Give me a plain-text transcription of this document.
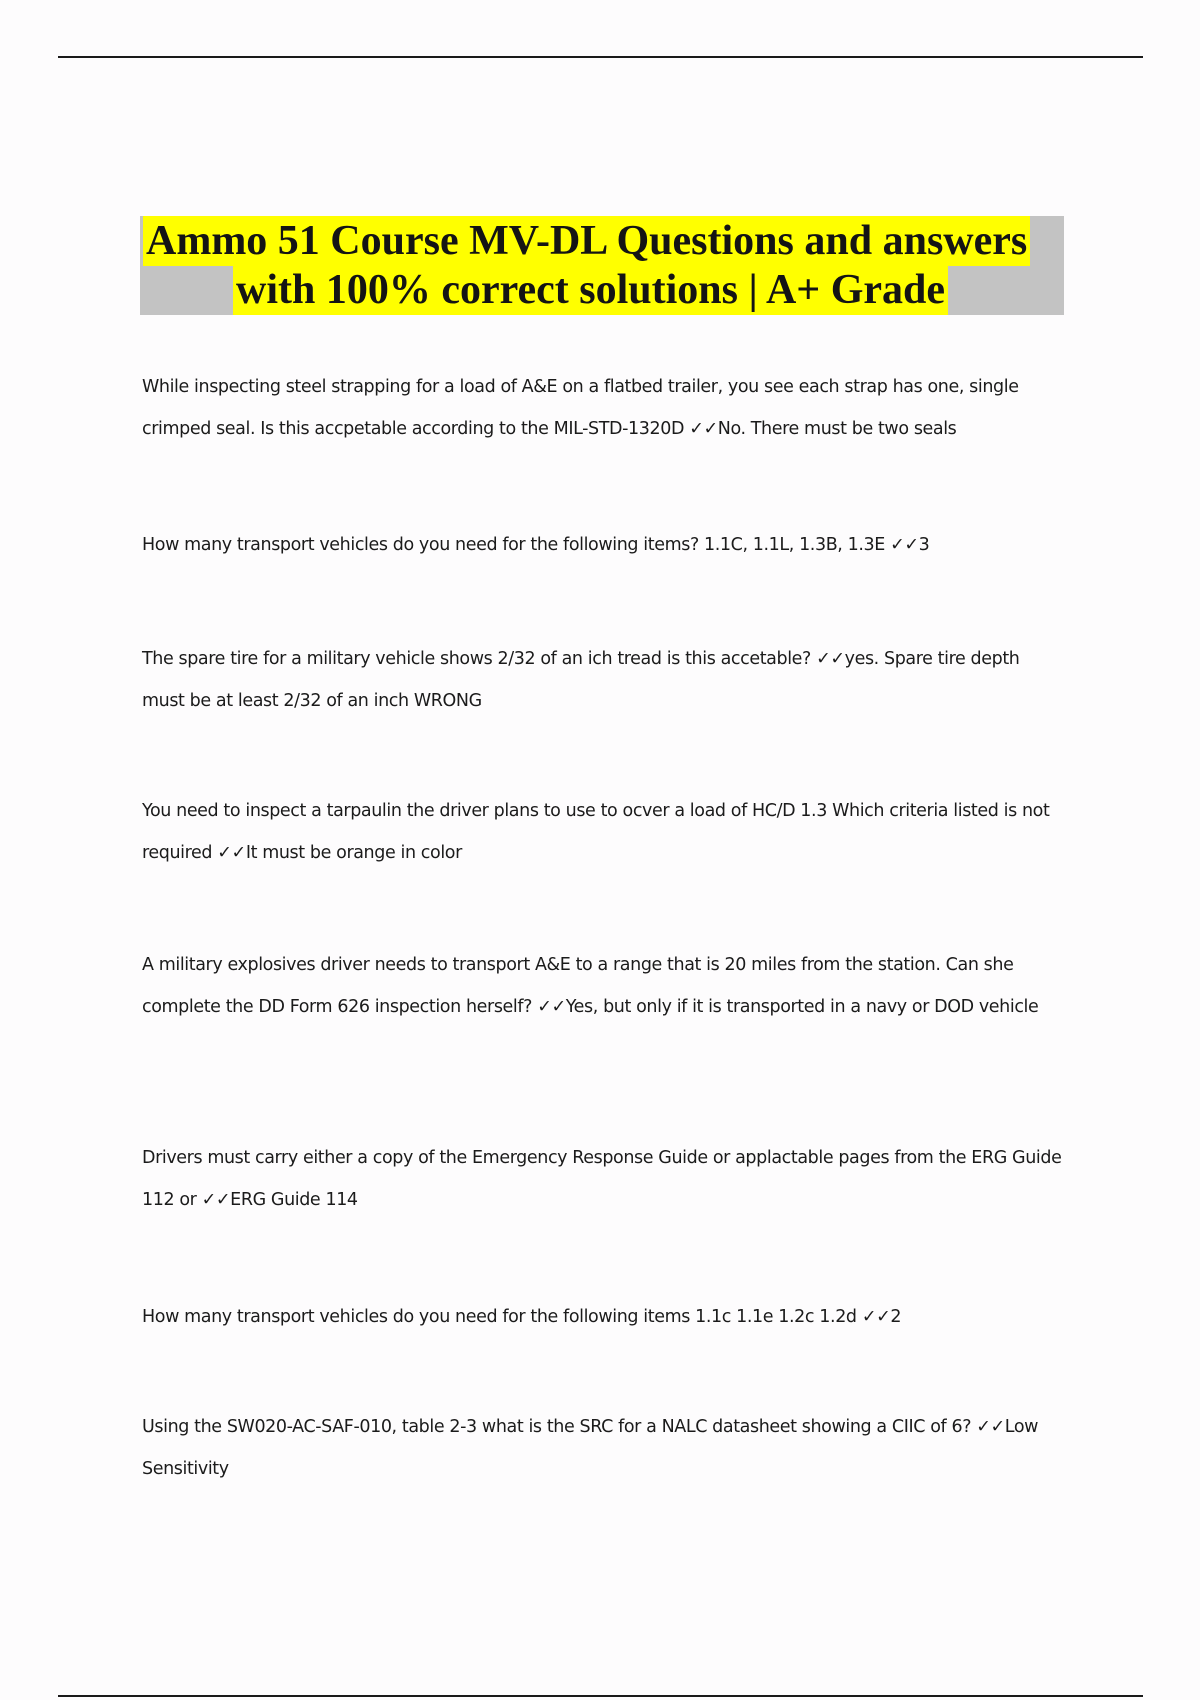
Ammo 51 Course MV-DL Questions and answers
with 100% correct solutions | A+ Grade
While inspecting steel strapping for a load of A&E on a flatbed trailer, you see each strap has one, single crimped seal. Is this accpetable according to the MIL-STD-1320D ✓✓No. There must be two seals
How many transport vehicles do you need for the following items? 1.1C, 1.1L, 1.3B, 1.3E ✓✓3
The spare tire for a military vehicle shows 2/32 of an ich tread is this accetable? ✓✓yes. Spare tire depth must be at least 2/32 of an inch WRONG
You need to inspect a tarpaulin the driver plans to use to ocver a load of HC/D 1.3 Which criteria listed is not required ✓✓It must be orange in color
A military explosives driver needs to transport A&E to a range that is 20 miles from the station. Can she complete the DD Form 626 inspection herself? ✓✓Yes, but only if it is transported in a navy or DOD vehicle
Drivers must carry either a copy of the Emergency Response Guide or applactable pages from the ERG Guide 112 or ✓✓ERG Guide 114
How many transport vehicles do you need for the following items 1.1c 1.1e 1.2c 1.2d ✓✓2
Using the SW020-AC-SAF-010, table 2-3 what is the SRC for a NALC datasheet showing a CIIC of 6? ✓✓Low Sensitivity
